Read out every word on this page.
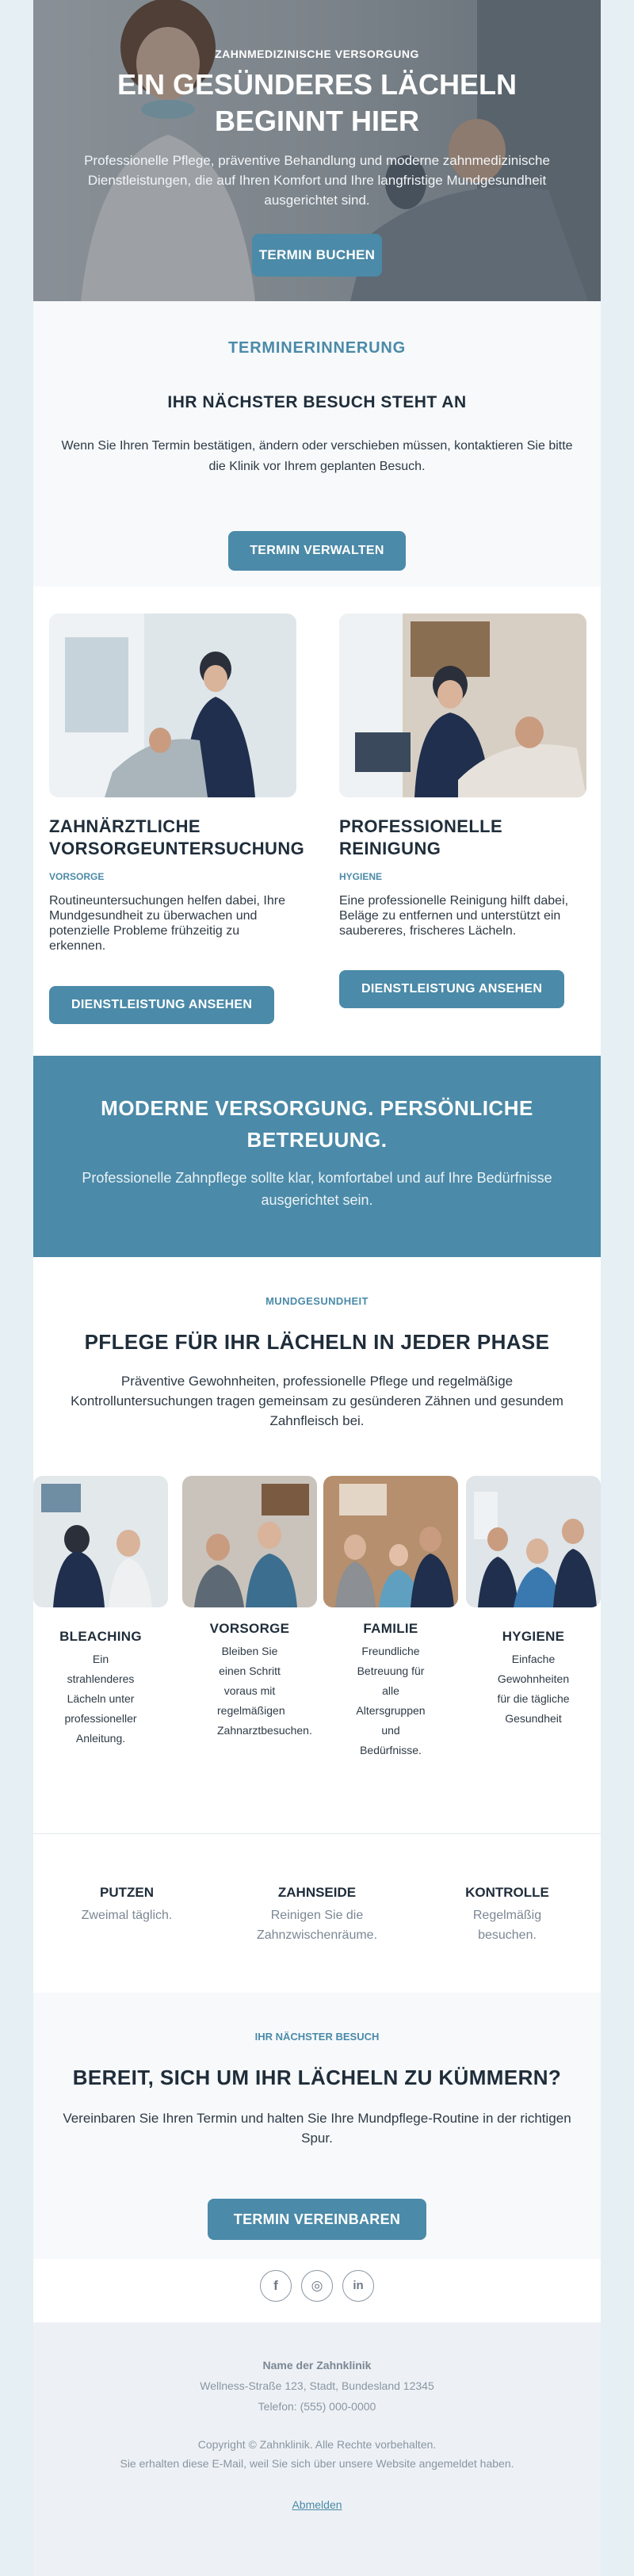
ZAHNMEDIZINISCHE VERSORGUNG
EIN GESÜNDERES LÄCHELN
BEGINNT HIER
Professionelle Pflege, präventive Behandlung und moderne zahnmedizinische Dienstleistungen, die auf Ihren Komfort und Ihre langfristige Mundgesundheit ausgerichtet sind.
TERMIN BUCHEN
TERMINERINNERUNG
IHR NÄCHSTER BESUCH STEHT AN
Wenn Sie Ihren Termin bestätigen, ändern oder verschieben müssen, kontaktieren Sie bitte die Klinik vor Ihrem geplanten Besuch.
TERMIN VERWALTEN
ZAHNÄRZTLICHE
VORSORGEUNTERSUCHUNG
VORSORGE
Routineuntersuchungen helfen dabei, Ihre Mundgesundheit zu überwachen und potenzielle Probleme frühzeitig zu erkennen.
DIENSTLEISTUNG ANSEHEN
PROFESSIONELLE
REINIGUNG
HYGIENE
Eine professionelle Reinigung hilft dabei, Beläge zu entfernen und unterstützt ein saubereres, frischeres Lächeln.
DIENSTLEISTUNG ANSEHEN
MODERNE VERSORGUNG. PERSÖNLICHE
BETREUUNG.
Professionelle Zahnpflege sollte klar, komfortabel und auf Ihre Bedürfnisse ausgerichtet sein.
MUNDGESUNDHEIT
PFLEGE FÜR IHR LÄCHELN IN JEDER PHASE
Präventive Gewohnheiten, professionelle Pflege und regelmäßige Kontrolluntersuchungen tragen gemeinsam zu gesünderen Zähnen und gesundem Zahnfleisch bei.
BLEACHING
Ein strahlenderes Lächeln unter professioneller Anleitung.
VORSORGE
Bleiben Sie einen Schritt voraus mit regelmäßigen Zahnarztbesuchen.
FAMILIE
Freundliche Betreuung für alle Altersgruppen und Bedürfnisse.
HYGIENE
Einfache Gewohnheiten für die tägliche Gesundheit
PUTZEN
Zweimal täglich.
ZAHNSEIDE
Reinigen Sie die Zahnzwischenräume.
KONTROLLE
Regelmäßig besuchen.
IHR NÄCHSTER BESUCH
BEREIT, SICH UM IHR LÄCHELN ZU KÜMMERN?
Vereinbaren Sie Ihren Termin und halten Sie Ihre Mundpflege-Routine in der richtigen Spur.
TERMIN VEREINBAREN
f	◎	in
Name der Zahnklinik
Wellness-Straße 123, Stadt, Bundesland 12345
Telefon: (555) 000-0000
Copyright © Zahnklinik. Alle Rechte vorbehalten.
Sie erhalten diese E-Mail, weil Sie sich über unsere Website angemeldet haben.
Abmelden
